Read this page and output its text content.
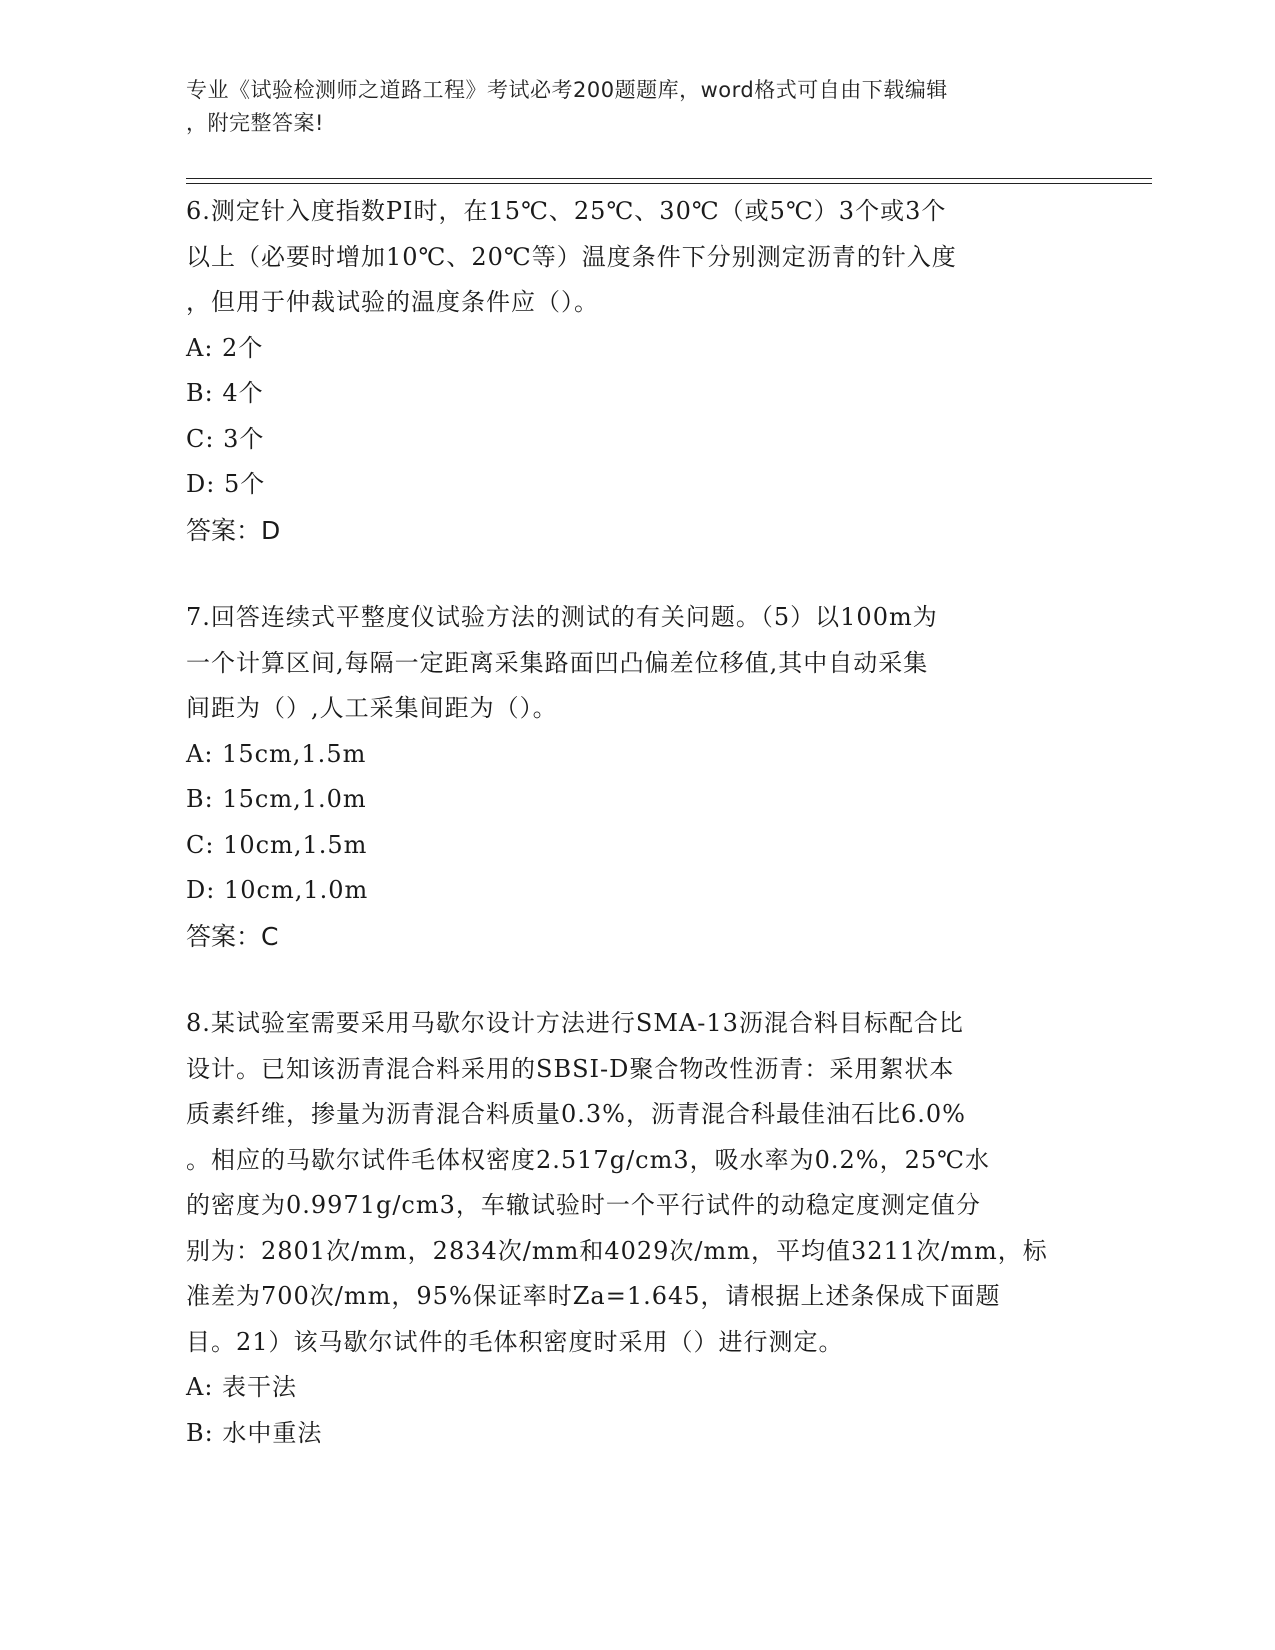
专业《试验检测师之道路工程》考试必考200题题库，word格式可自由下载编辑
，附完整答案!
6.测定针入度指数PI时，在15℃、25℃、30℃（或5℃）3个或3个
以上（必要时增加10℃、20℃等）温度条件下分别测定沥青的针入度
，但用于仲裁试验的温度条件应（）。
A: 2个
B: 4个
C: 3个
D: 5个
答案：D
7.回答连续式平整度仪试验方法的测试的有关问题。（5）以100m为
一个计算区间,每隔一定距离采集路面凹凸偏差位移值,其中自动采集
间距为（）,人工采集间距为（）。
A: 15cm,1.5m
B: 15cm,1.0m
C: 10cm,1.5m
D: 10cm,1.0m
答案：C
8.某试验室需要采用马歇尔设计方法进行SMA-13沥混合料目标配合比
设计。已知该沥青混合料采用的SBSI-D聚合物改性沥青：采用絮状本
质素纤维，掺量为沥青混合料质量0.3%，沥青混合科最佳油石比6.0%
。相应的马歇尔试件毛体权密度2.517g/cm3，吸水率为0.2%，25℃水
的密度为0.9971g/cm3，车辙试验时一个平行试件的动稳定度测定值分
别为：2801次/mm，2834次/mm和4029次/mm，平均值3211次/mm，标
准差为700次/mm，95%保证率时Za=1.645，请根据上述条保成下面题
目。21）该马歇尔试件的毛体积密度时采用（）进行测定。
A: 表干法
B: 水中重法
